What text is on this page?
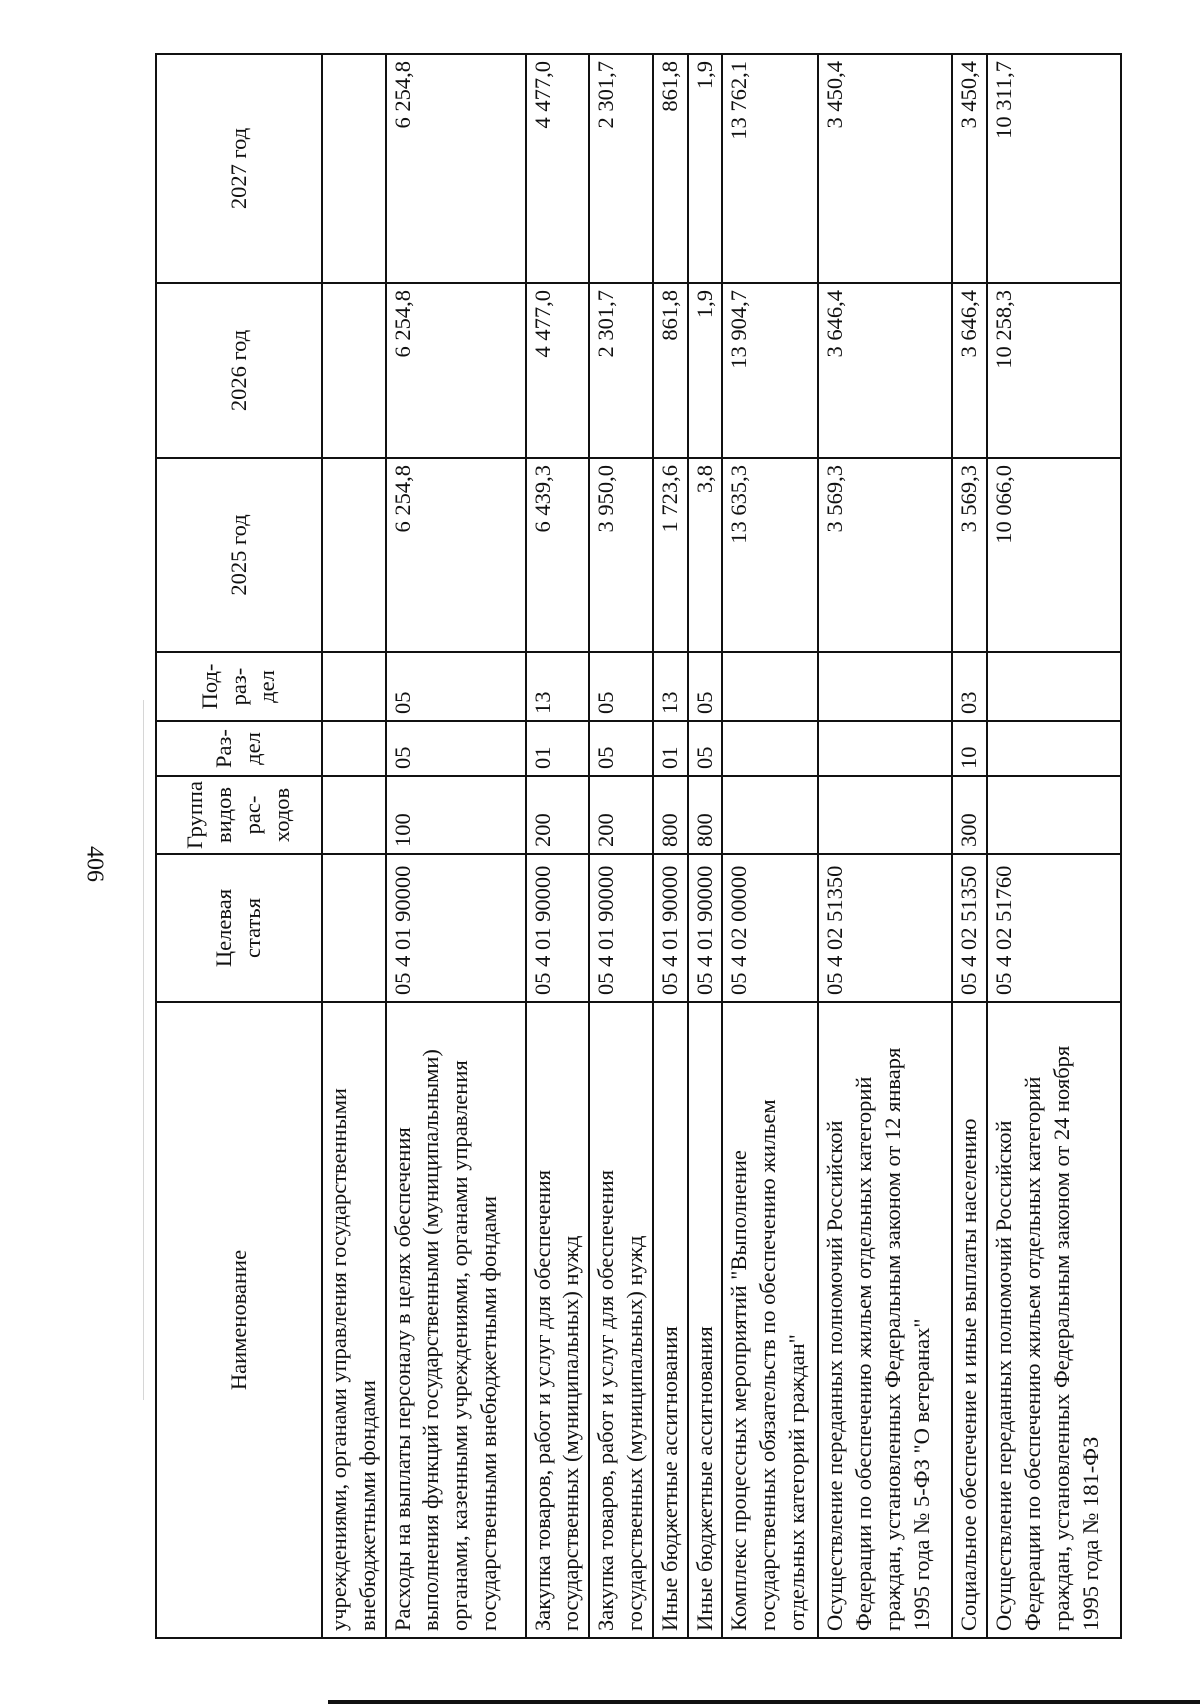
406
Наименование	Целевая статья	Группа видов рас- ходов	Раз- дел	Под- раз- дел	2025 год	2026 год	2027 год
учреждениями, органами управления государственными внебюджетными фондами							
Расходы на выплаты персоналу в целях обеспечения выполнения функций государственными (муниципальными) органами, казенными учреждениями, органами управления государственными внебюджетными фондами	05 4 01 90000	100	05	05	6 254,8	6 254,8	6 254,8
Закупка товаров, работ и услуг для обеспечения государственных (муниципальных) нужд	05 4 01 90000	200	01	13	6 439,3	4 477,0	4 477,0
Закупка товаров, работ и услуг для обеспечения государственных (муниципальных) нужд	05 4 01 90000	200	05	05	3 950,0	2 301,7	2 301,7
Иные бюджетные ассигнования	05 4 01 90000	800	01	13	1 723,6	861,8	861,8
Иные бюджетные ассигнования	05 4 01 90000	800	05	05	3,8	1,9	1,9
Комплекс процессных мероприятий "Выполнение государственных обязательств по обеспечению жильем отдельных категорий граждан"	05 4 02 00000				13 635,3	13 904,7	13 762,1
Осуществление переданных полномочий Российской Федерации по обеспечению жильем отдельных категорий граждан, установленных Федеральным законом от 12 января 1995 года № 5-ФЗ "О ветеранах"	05 4 02 51350				3 569,3	3 646,4	3 450,4
Социальное обеспечение и иные выплаты населению	05 4 02 51350	300	10	03	3 569,3	3 646,4	3 450,4
Осуществление переданных полномочий Российской Федерации по обеспечению жильем отдельных категорий граждан, установленных Федеральным законом от 24 ноября 1995 года № 181-ФЗ	05 4 02 51760				10 066,0	10 258,3	10 311,7
